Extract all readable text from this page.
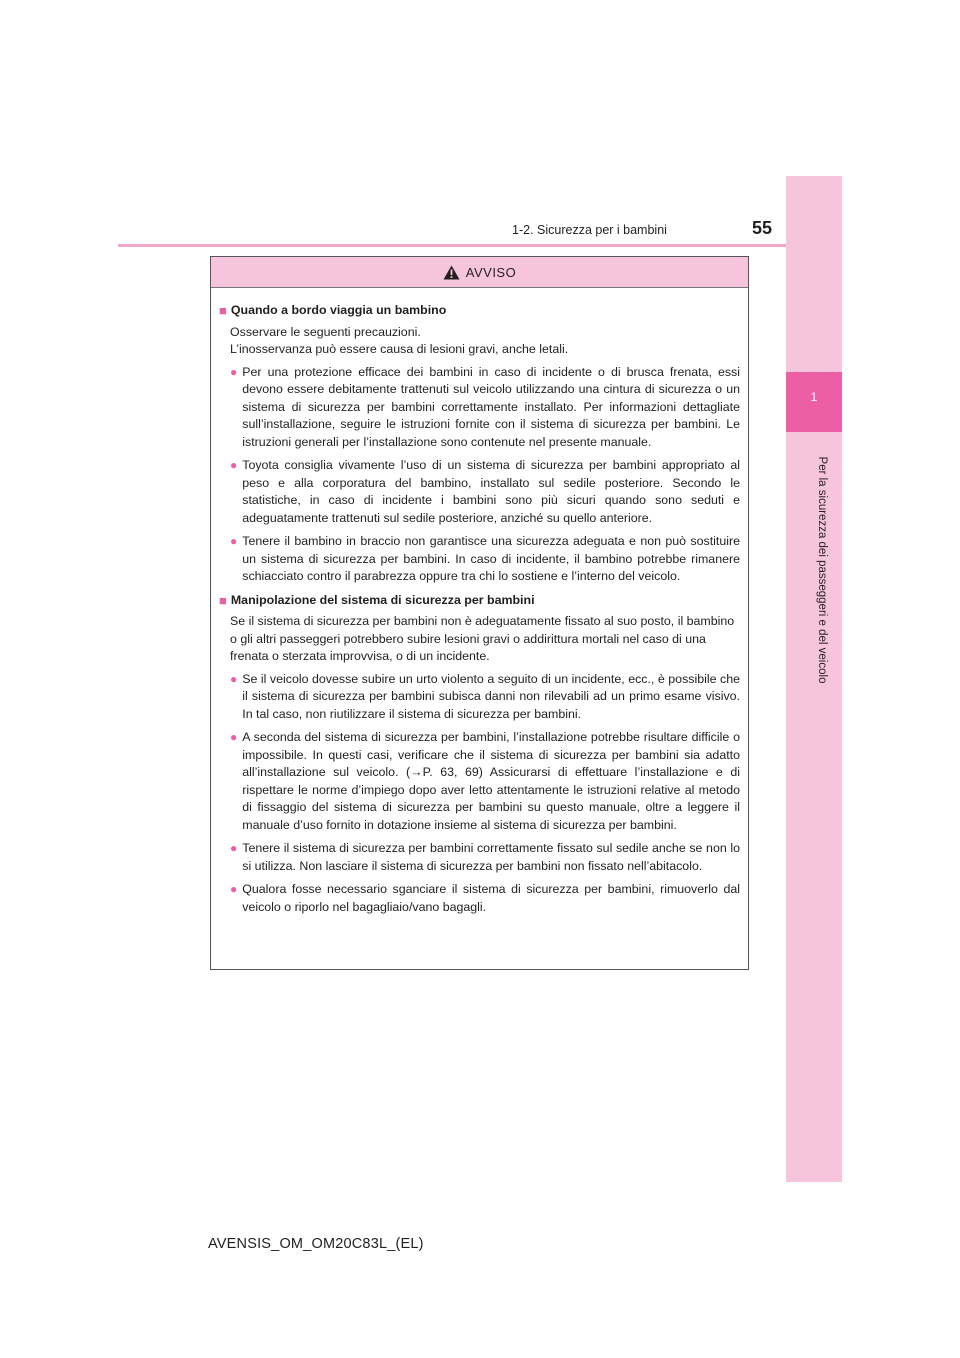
55
1-2. Sicurezza per i bambini
1
Per la sicurezza dei passeggeri e del veicolo
AVVISO
■ Quando a bordo viaggia un bambino

Osservare le seguenti precauzioni.

L’inosservanza può essere causa di lesioni gravi, anche letali.

● Per una protezione efficace dei bambini in caso di incidente o di brusca frenata, essi devono essere debitamente trattenuti sul veicolo utilizzando una cintura di sicurezza o un sistema di sicurezza per bambini correttamente installato. Per informazioni dettagliate sull’installazione, seguire le istruzioni fornite con il sistema di sicurezza per bambini. Le istruzioni generali per l’installazione sono contenute nel presente manuale.
● Toyota consiglia vivamente l’uso di un sistema di sicurezza per bambini appropriato al peso e alla corporatura del bambino, installato sul sedile posteriore. Secondo le statistiche, in caso di incidente i bambini sono più sicuri quando sono seduti e adeguatamente trattenuti sul sedile posteriore, anziché su quello anteriore.
● Tenere il bambino in braccio non garantisce una sicurezza adeguata e non può sostituire un sistema di sicurezza per bambini. In caso di incidente, il bambino potrebbe rimanere schiacciato contro il parabrezza oppure tra chi lo sostiene e l’interno del veicolo.
■ Manipolazione del sistema di sicurezza per bambini

Se il sistema di sicurezza per bambini non è adeguatamente fissato al suo posto, il bambino o gli altri passeggeri potrebbero subire lesioni gravi o addirittura mortali nel caso di una frenata o sterzata improvvisa, o di un incidente.

● Se il veicolo dovesse subire un urto violento a seguito di un incidente, ecc., è possibile che il sistema di sicurezza per bambini subisca danni non rilevabili ad un primo esame visivo. In tal caso, non riutilizzare il sistema di sicurezza per bambini.
● A seconda del sistema di sicurezza per bambini, l’installazione potrebbe risultare difficile o impossibile. In questi casi, verificare che il sistema di sicurezza per bambini sia adatto all’installazione sul veicolo. (→P. 63, 69) Assicurarsi di effettuare l’installazione e di rispettare le norme d’impiego dopo aver letto attentamente le istruzioni relative al metodo di fissaggio del sistema di sicurezza per bambini su questo manuale, oltre a leggere il manuale d’uso fornito in dotazione insieme al sistema di sicurezza per bambini.
● Tenere il sistema di sicurezza per bambini correttamente fissato sul sedile anche se non lo si utilizza. Non lasciare il sistema di sicurezza per bambini non fissato nell’abitacolo.
● Qualora fosse necessario sganciare il sistema di sicurezza per bambini, rimuoverlo dal veicolo o riporlo nel bagagliaio/vano bagagli.
AVENSIS_OM_OM20C83L_(EL)
